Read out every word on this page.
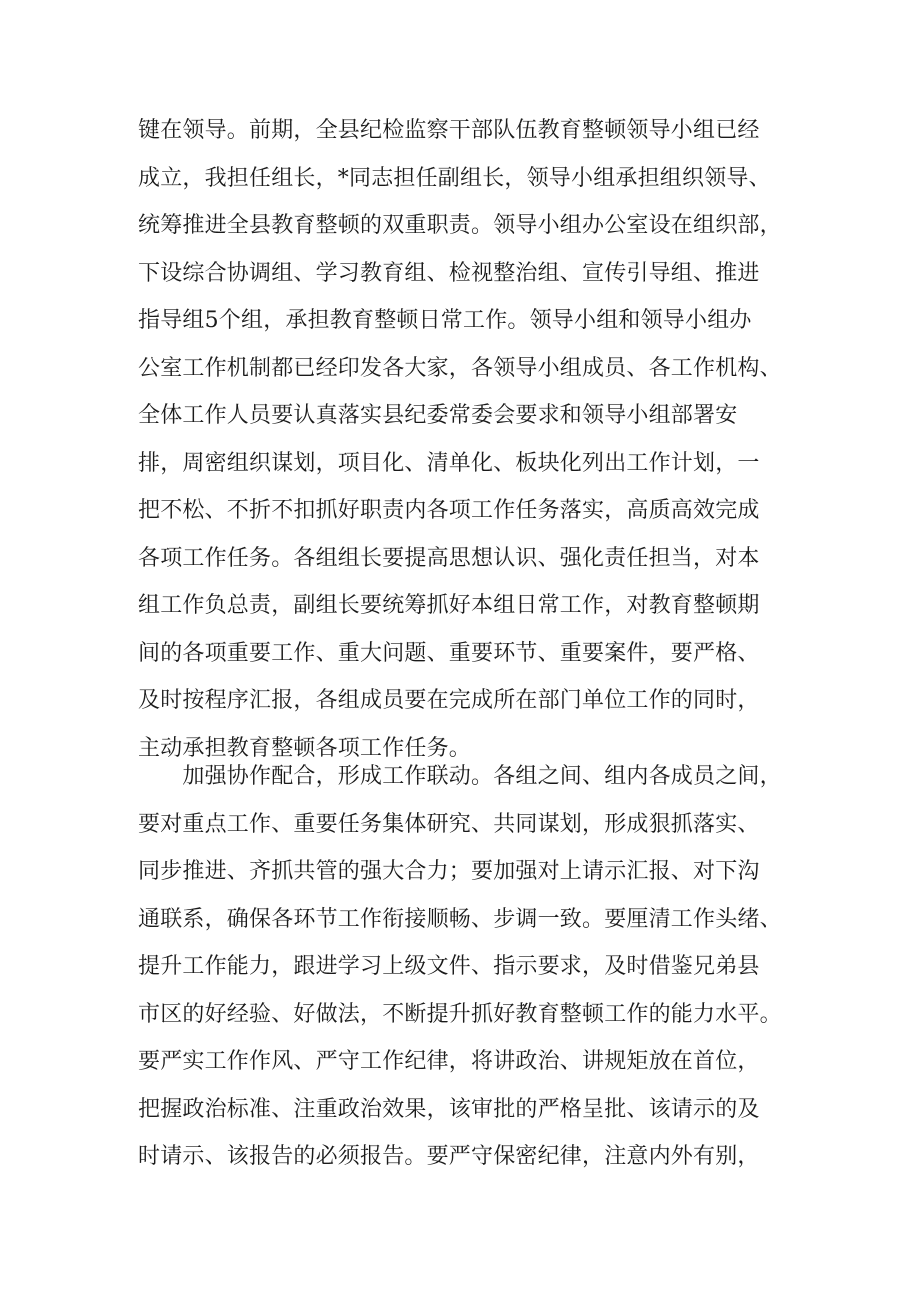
键在领导。前期，全县纪检监察干部队伍教育整顿领导小组已经
成立，我担任组长，*同志担任副组长，领导小组承担组织领导、
统筹推进全县教育整顿的双重职责。领导小组办公室设在组织部，
下设综合协调组、学习教育组、检视整治组、宣传引导组、推进
指导组5个组，承担教育整顿日常工作。领导小组和领导小组办
公室工作机制都已经印发各大家，各领导小组成员、各工作机构、
全体工作人员要认真落实县纪委常委会要求和领导小组部署安
排，周密组织谋划，项目化、清单化、板块化列出工作计划，一
把不松、不折不扣抓好职责内各项工作任务落实，高质高效完成
各项工作任务。各组组长要提高思想认识、强化责任担当，对本
组工作负总责，副组长要统筹抓好本组日常工作，对教育整顿期
间的各项重要工作、重大问题、重要环节、重要案件，要严格、
及时按程序汇报，各组成员要在完成所在部门单位工作的同时，
主动承担教育整顿各项工作任务。
　　加强协作配合，形成工作联动。各组之间、组内各成员之间，
要对重点工作、重要任务集体研究、共同谋划，形成狠抓落实、
同步推进、齐抓共管的强大合力；要加强对上请示汇报、对下沟
通联系，确保各环节工作衔接顺畅、步调一致。要厘清工作头绪、
提升工作能力，跟进学习上级文件、指示要求，及时借鉴兄弟县
市区的好经验、好做法，不断提升抓好教育整顿工作的能力水平。
要严实工作作风、严守工作纪律，将讲政治、讲规矩放在首位，
把握政治标准、注重政治效果，该审批的严格呈批、该请示的及
时请示、该报告的必须报告。要严守保密纪律，注意内外有别，
